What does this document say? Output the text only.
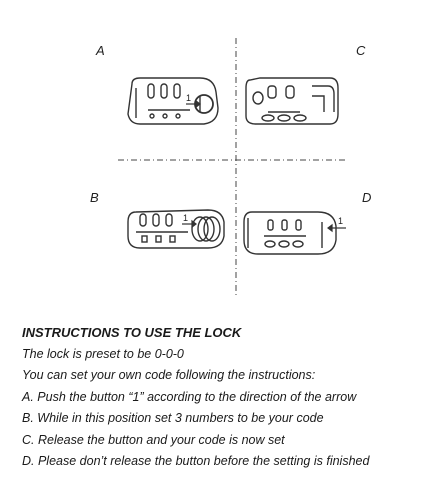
A	C
B	D
1
1	1
INSTRUCTIONS TO USE THE LOCK
The lock is preset to be 0-0-0
You can set your own code following the instructions:
A. Push the button “1” according to the direction of the arrow
B. While in this position set 3 numbers to be your code
C. Release the button and your code is now set
D. Please don’t release the button before the setting is finished
